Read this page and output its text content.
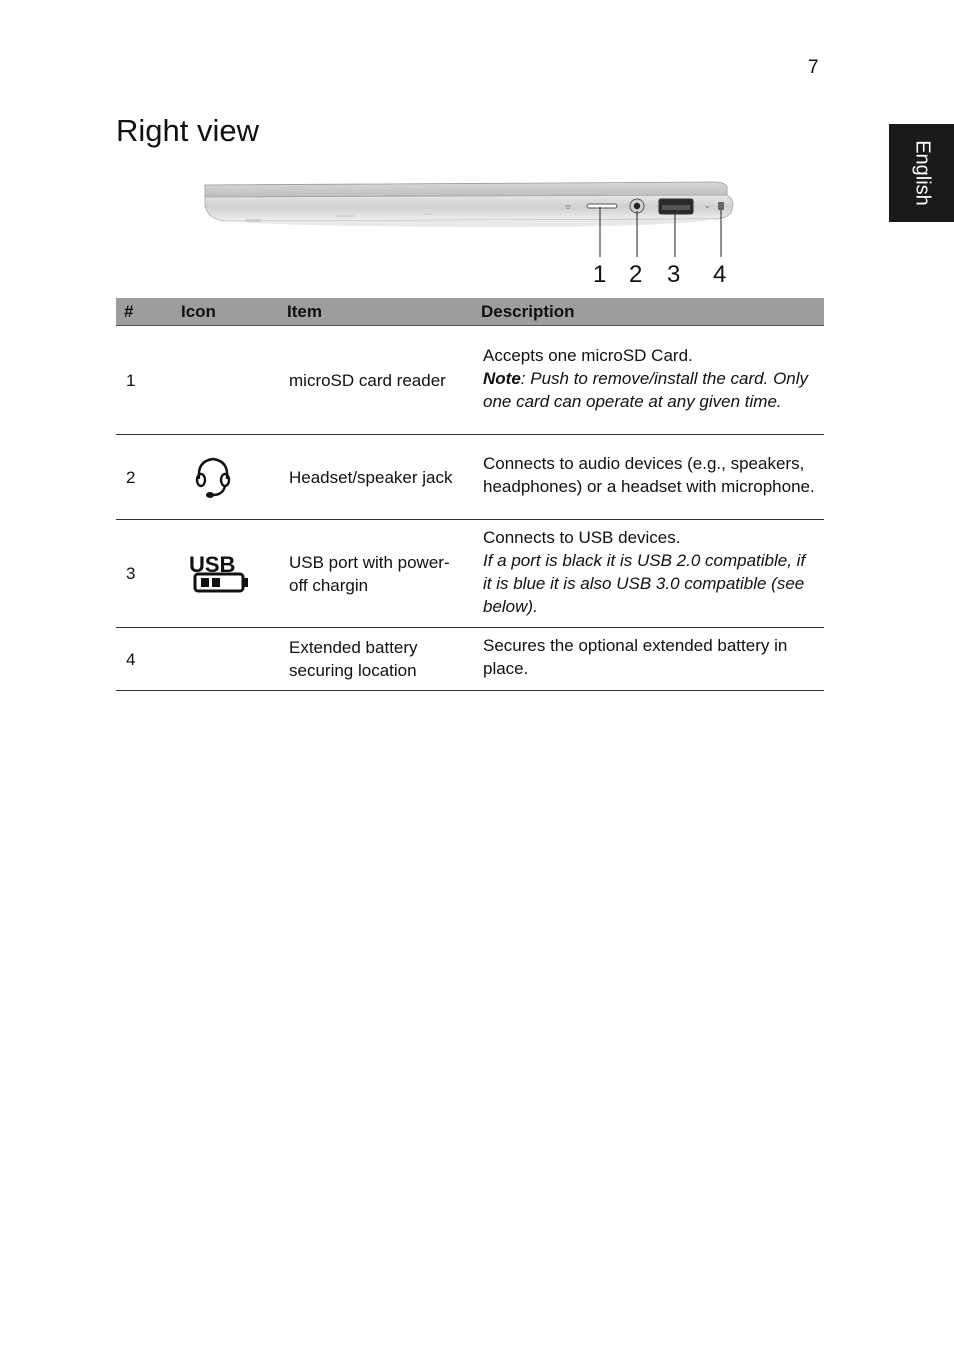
7
English
Right view
⌁
1 2 3 4
#	Icon	Item	Description
1		microSD card reader	Accepts one microSD Card.
Note: Push to remove/install the card. Only one card can operate at any given time.

2		Headset/speaker jack	Connects to audio devices (e.g., speakers, headphones) or a headset with microphone.
3	USB	USB port with power-off chargin	Connects to USB devices.
If a port is black it is USB 2.0 compatible, if it is blue it is also USB 3.0 compatible (see below).

4		Extended battery securing location	Secures the optional extended battery in place.
